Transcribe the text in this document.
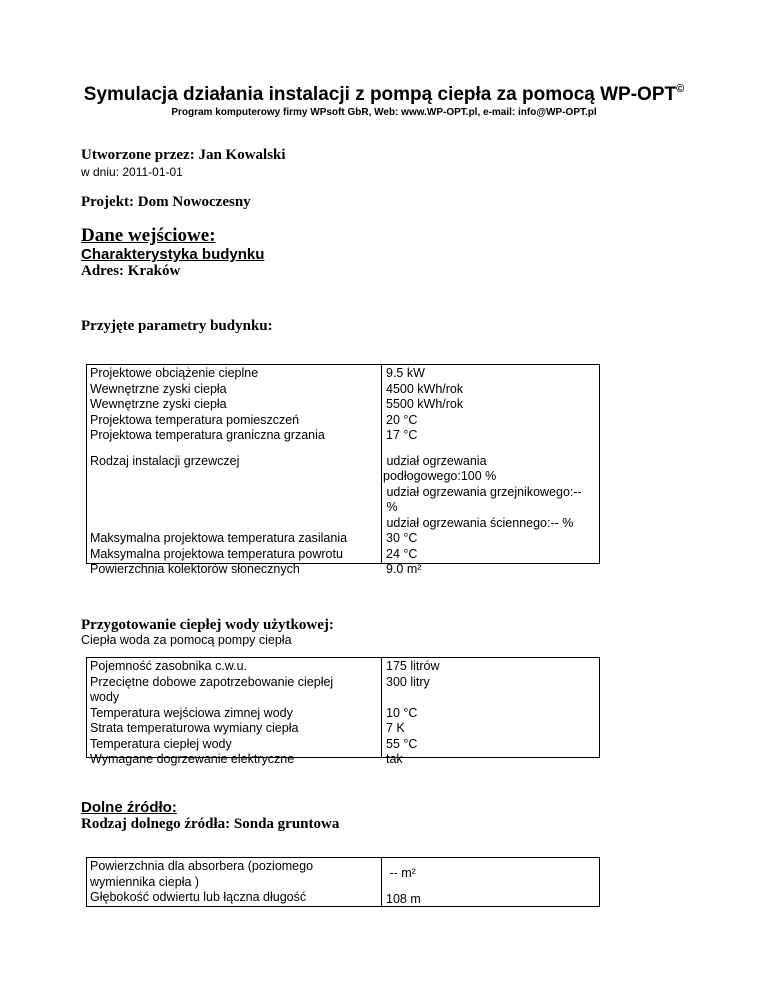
Symulacja działania instalacji z pompą ciepła za pomocą WP-OPT©
Program komputerowy firmy WPsoft GbR, Web: www.WP-OPT.pl, e-mail: info@WP-OPT.pl
Utworzone przez: Jan Kowalski
w dniu: 2011-01-01
Projekt: Dom Nowoczesny
Dane wejściowe:
Charakterystyka budynku
Adres: Kraków
Przyjęte parametry budynku:
Projektowe obciążenie cieplne
Wewnętrzne zyski ciepła
Wewnętrzne zyski ciepła
Projektowa temperatura pomieszczeń
Projektowa temperatura graniczna grzania
Rodzaj instalacji grzewczej
Maksymalna projektowa temperatura zasilania
Maksymalna projektowa temperatura powrotu
Powierzchnia kolektorów słonecznych
9.5 kW
4500 kWh/rok
5500 kWh/rok
20 °C
17 °C
udział ogrzewania
podłogowego:100 %
udział ogrzewania grzejnikowego:--
%
udział ogrzewania ściennego:-- %
30 °C
24 °C
9.0 m²
Przygotowanie ciepłej wody użytkowej:
Ciepła woda za pomocą pompy ciepła
Pojemność zasobnika c.w.u.
Przeciętne dobowe zapotrzebowanie ciepłej
wody
Temperatura wejściowa zimnej wody
Strata temperaturowa wymiany ciepła
Temperatura ciepłej wody
Wymagane dogrzewanie elektryczne
175 litrów
300 litry
10 °C
7 K
55 °C
tak
Dolne źródło:
Rodzaj dolnego źródła: Sonda gruntowa
Powierzchnia dla absorbera (poziomego
wymiennika ciepła )
Głębokość odwiertu lub łączna długość
-- m²
108 m
